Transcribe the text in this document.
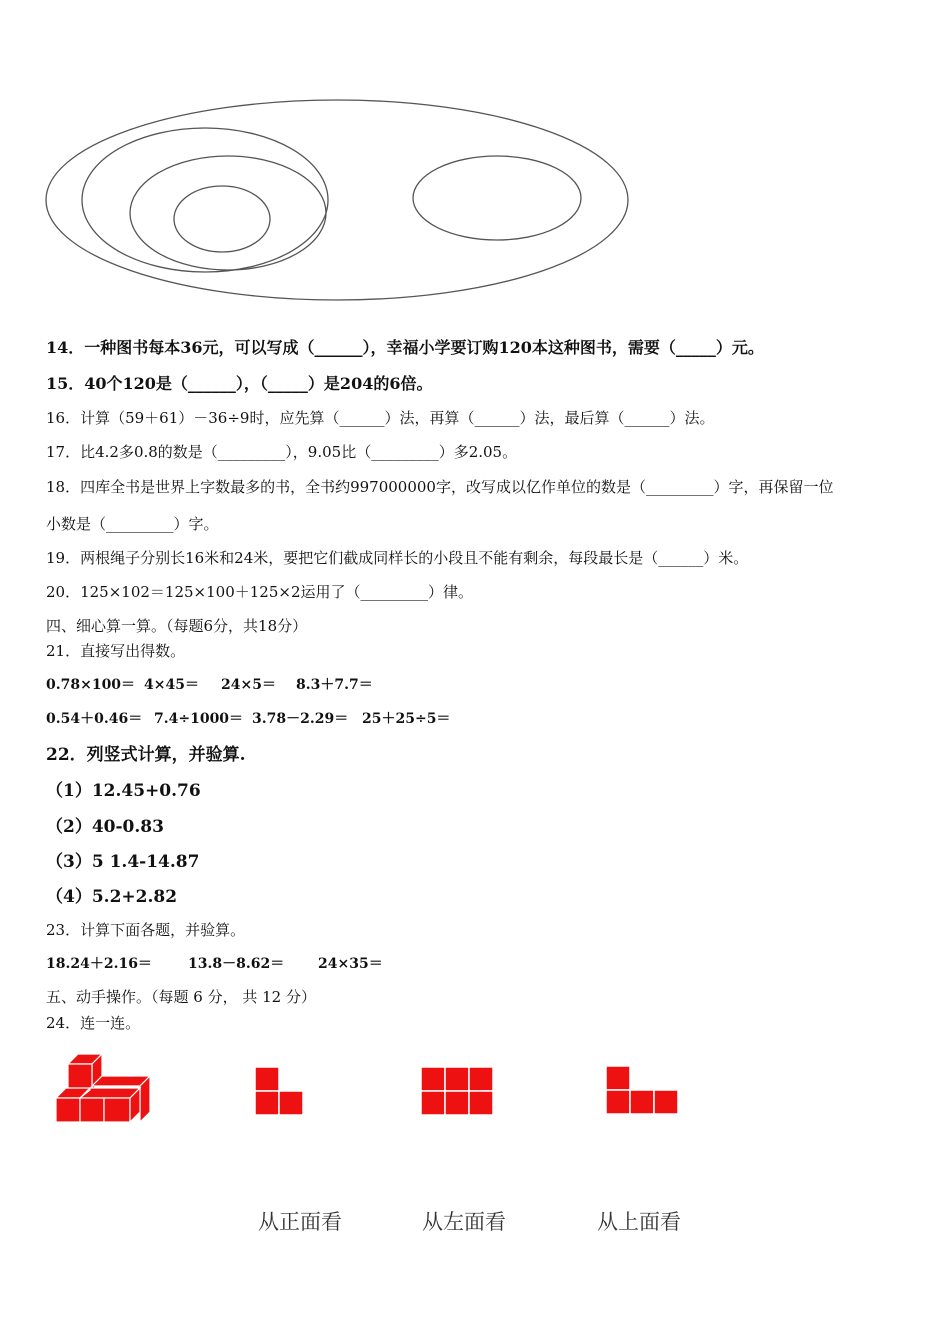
14．一种图书每本36元，可以写成（______），幸福小学要订购120本这种图书，需要（_____）元。
15．40个120是（______），（_____）是204的6倍。
16．计算（59＋61）－36÷9时，应先算（______）法，再算（______）法，最后算（______）法。
17．比4.2多0.8的数是（_________），9.05比（_________）多2.05。
18．四库全书是世界上字数最多的书，全书约997000000字，改写成以亿作单位的数是（_________）字，再保留一位
小数是（_________）字。
19．两根绳子分别长16米和24米，要把它们截成同样长的小段且不能有剩余，每段最长是（______）米。
20．125×102＝125×100＋125×2运用了（_________）律。
四、细心算一算。（每题6分，共18分）
21．直接写出得数。
0.78×100＝ 4×45＝ 24×5＝ 8.3＋7.7＝
0.54＋0.46＝ 7.4÷1000＝ 3.78－2.29＝ 25＋25÷5＝
22．列竖式计算，并验算.
（1）12.45+0.76
（2）40-0.83
（3）5 1.4-14.87
（4）5.2+2.82
23．计算下面各题，并验算。
18.24＋2.16＝	13.8－8.62＝ 24×35＝
五、动手操作。（每题 6 分， 共 12 分）
24．连一连。
从正面看	从左面看	从上面看
